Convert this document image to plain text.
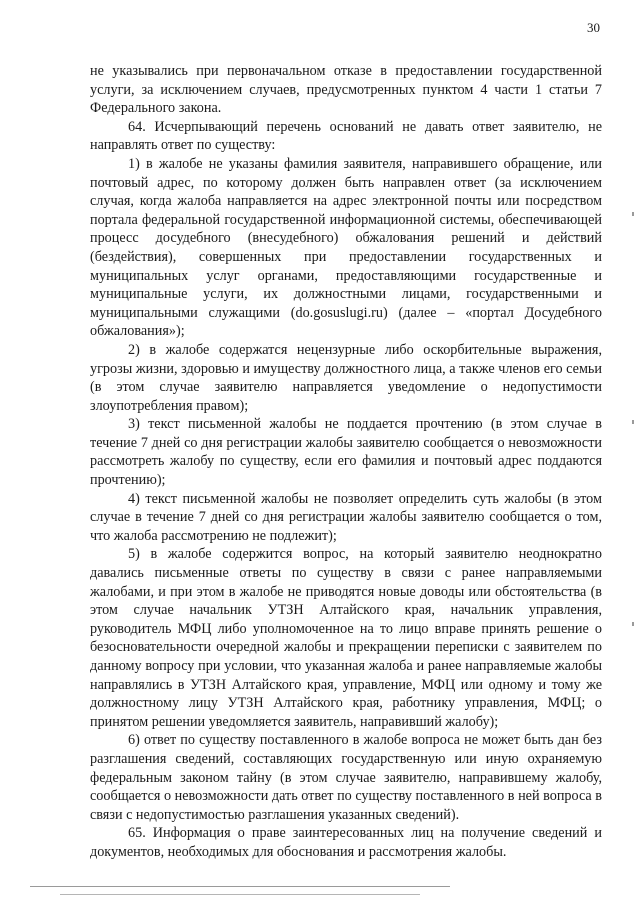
30

не указывались при первоначальном отказе в предоставлении государственной услуги, за исключением случаев, предусмотренных пунктом 4 части 1 статьи 7 Федерального закона.

64. Исчерпывающий перечень оснований не давать ответ заявителю, не направлять ответ по существу:

1) в жалобе не указаны фамилия заявителя, направившего обращение, или почтовый адрес, по которому должен быть направлен ответ (за исключением случая, когда жалоба направляется на адрес электронной почты или посредством портала федеральной государственной информационной системы, обеспечивающей процесс досудебного (внесудебного) обжалования решений и действий (бездействия), совершенных при предоставлении государственных и муниципальных услуг органами, предоставляющими государственные и муниципальные услуги, их должностными лицами, государственными и муниципальными служащими (do.gosuslugi.ru) (далее – «портал Досудебного обжалования»);

2) в жалобе содержатся нецензурные либо оскорбительные выражения, угрозы жизни, здоровью и имуществу должностного лица, а также членов его семьи (в этом случае заявителю направляется уведомление о недопустимости злоупотребления правом);

3) текст письменной жалобы не поддается прочтению (в этом случае в течение 7 дней со дня регистрации жалобы заявителю сообщается о невозможности рассмотреть жалобу по существу, если его фамилия и почтовый адрес поддаются прочтению);

4) текст письменной жалобы не позволяет определить суть жалобы (в этом случае в течение 7 дней со дня регистрации жалобы заявителю сообщается о том, что жалоба рассмотрению не подлежит);

5) в жалобе содержится вопрос, на который заявителю неоднократно давались письменные ответы по существу в связи с ранее направляемыми жалобами, и при этом в жалобе не приводятся новые доводы или обстоятельства (в этом случае начальник УТЗН Алтайского края, начальник управления, руководитель МФЦ либо уполномоченное на то лицо вправе принять решение о безосновательности очередной жалобы и прекращении переписки с заявителем по данному вопросу при условии, что указанная жалоба и ранее направляемые жалобы направлялись в УТЗН Алтайского края, управление, МФЦ или одному и тому же должностному лицу УТЗН Алтайского края, работнику управления, МФЦ; о принятом решении уведомляется заявитель, направивший жалобу);

6) ответ по существу поставленного в жалобе вопроса не может быть дан без разглашения сведений, составляющих государственную или иную охраняемую федеральным законом тайну (в этом случае заявителю, направившему жалобу, сообщается о невозможности дать ответ по существу поставленного в ней вопроса в связи с недопустимостью разглашения указанных сведений).

65. Информация о праве заинтересованных лиц на получение сведений и документов, необходимых для обоснования и рассмотрения жалобы.
